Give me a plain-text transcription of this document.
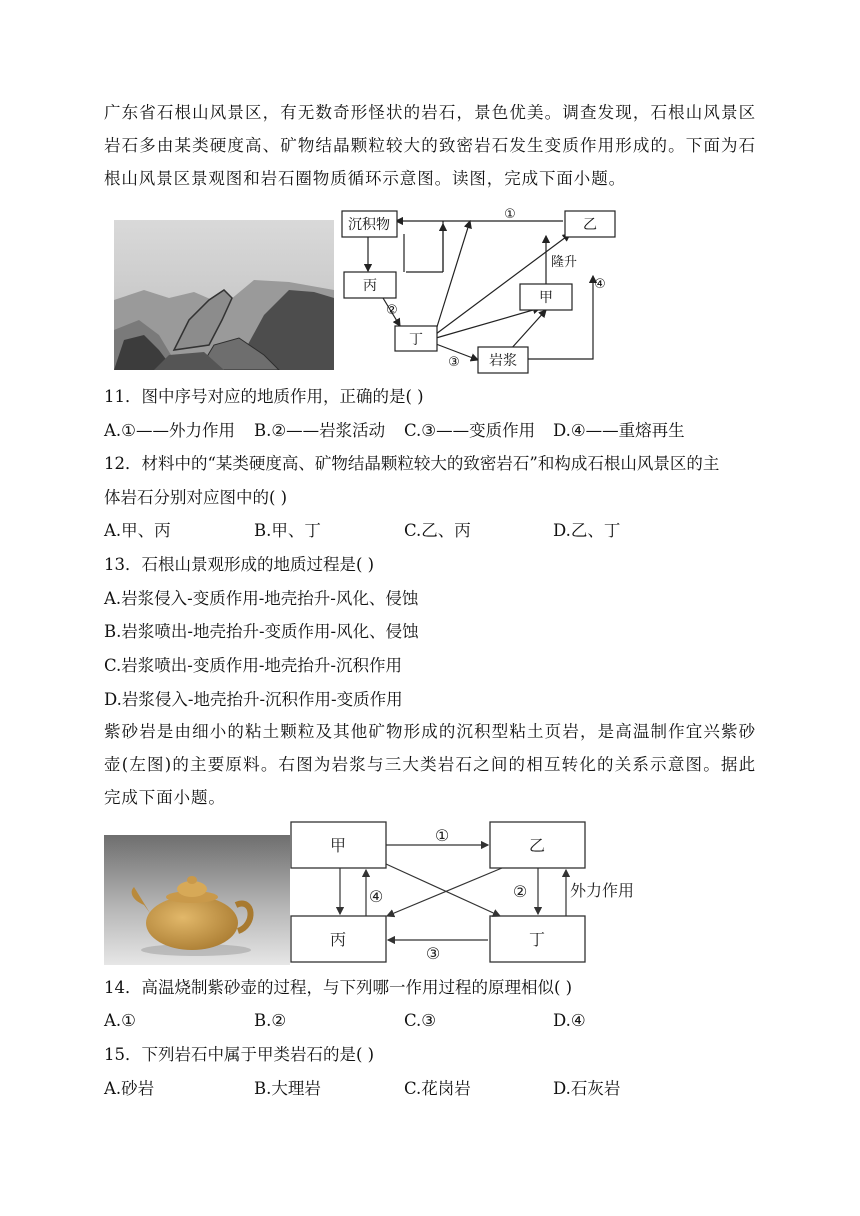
广东省石根山风景区，有无数奇形怪状的岩石，景色优美。调查发现，石根山风景区岩石多由某类硬度高、矿物结晶颗粒较大的致密岩石发生变质作用形成的。下面为石根山风景区景观图和岩石圈物质循环示意图。读图，完成下面小题。
沉积物	乙
丙
甲
丁
岩浆
①
②
③
④
隆升
11．图中序号对应的地质作用，正确的是( )
A.①——外力作用 B.②——岩浆活动 C.③——变质作用 D.④——重熔再生
12．材料中的“某类硬度高、矿物结晶颗粒较大的致密岩石”和构成石根山风景区的主
体岩石分别对应图中的( )
A.甲、丙	B.甲、丁	C.乙、丙	D.乙、丁
13．石根山景观形成的地质过程是( )
A.岩浆侵入-变质作用-地壳抬升-风化、侵蚀
B.岩浆喷出-地壳抬升-变质作用-风化、侵蚀
C.岩浆喷出-变质作用-地壳抬升-沉积作用
D.岩浆侵入-地壳抬升-沉积作用-变质作用
紫砂岩是由细小的粘土颗粒及其他矿物形成的沉积型粘土页岩，是高温制作宜兴紫砂壶(左图)的主要原料。右图为岩浆与三大类岩石之间的相互转化的关系示意图。据此完成下面小题。
甲	乙
丙	丁
①
②
③
④	外力作用
14．高温烧制紫砂壶的过程，与下列哪一作用过程的原理相似( )
A.①	B.②	C.③	D.④
15．下列岩石中属于甲类岩石的是( )
A.砂岩	B.大理岩	C.花岗岩	D.石灰岩
